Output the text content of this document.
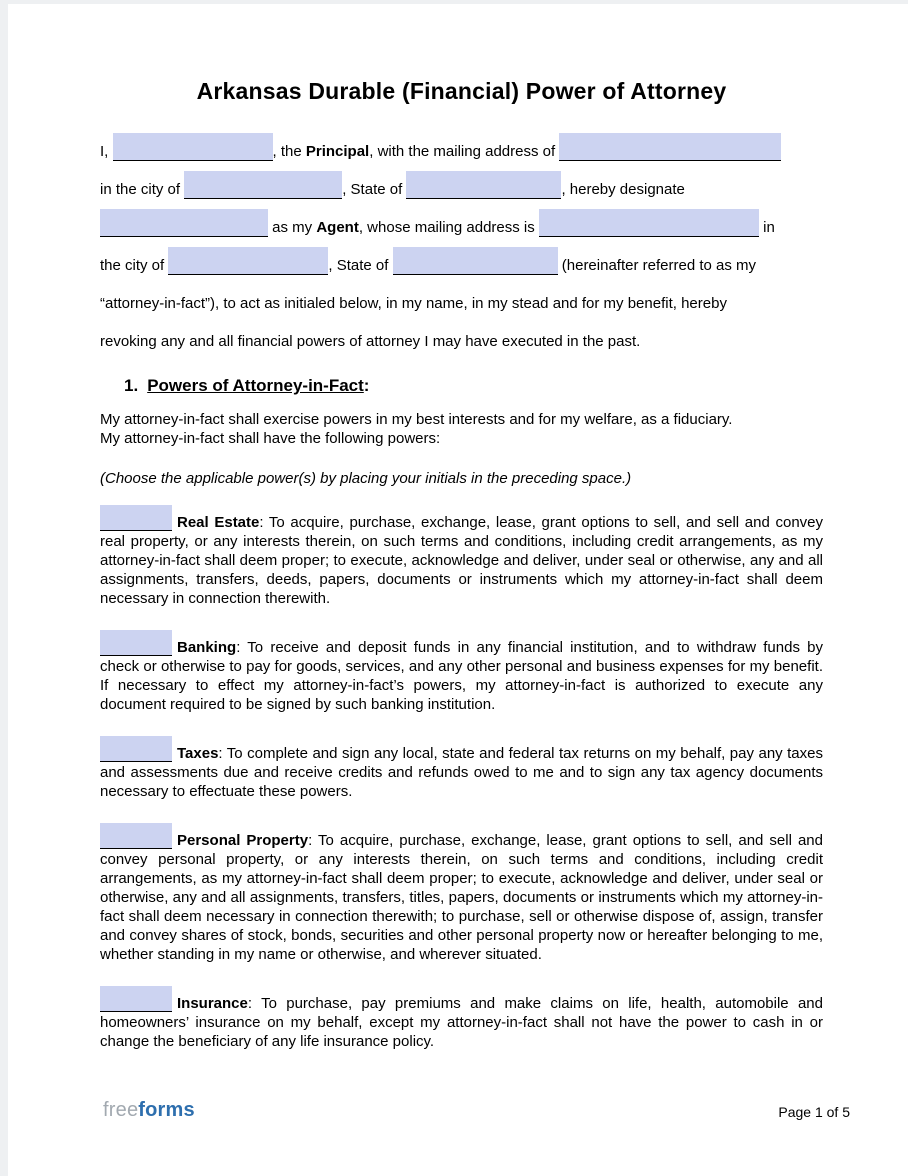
Arkansas Durable (Financial) Power of Attorney
I,	, the Principal, with the mailing address of
in the city of	, State of	, hereby designate
as my Agent, whose mailing address is	in
the city of	, State of	(hereinafter referred to as my
“attorney-in-fact”), to act as initialed below, in my name, in my stead and for my benefit, hereby
revoking any and all financial powers of attorney I may have executed in the past.
1. Powers of Attorney-in-Fact:
My attorney-in-fact shall exercise powers in my best interests and for my welfare, as a fiduciary.
My attorney-in-fact shall have the following powers:
(Choose the applicable power(s) by placing your initials in the preceding space.)

Real Estate: To acquire, purchase, exchange, lease, grant options to sell, and sell and convey real property, or any interests therein, on such terms and conditions, including credit arrangements, as my attorney-in-fact shall deem proper; to execute, acknowledge and deliver, under seal or otherwise, any and all assignments, transfers, deeds, papers, documents or instruments which my attorney-in-fact shall deem necessary in connection therewith.

Banking: To receive and deposit funds in any financial institution, and to withdraw funds by check or otherwise to pay for goods, services, and any other personal and business expenses for my benefit. If necessary to effect my attorney-in-fact’s powers, my attorney-in-fact is authorized to execute any document required to be signed by such banking institution.

Taxes: To complete and sign any local, state and federal tax returns on my behalf, pay any taxes and assessments due and receive credits and refunds owed to me and to sign any tax agency documents necessary to effectuate these powers.

Personal Property: To acquire, purchase, exchange, lease, grant options to sell, and sell and convey personal property, or any interests therein, on such terms and conditions, including credit arrangements, as my attorney-in-fact shall deem proper; to execute, acknowledge and deliver, under seal or otherwise, any and all assignments, transfers, titles, papers, documents or instruments which my attorney-in-fact shall deem necessary in connection therewith; to purchase, sell or otherwise dispose of, assign, transfer and convey shares of stock, bonds, securities and other personal property now or hereafter belonging to me, whether standing in my name or otherwise, and wherever situated.

Insurance: To purchase, pay premiums and make claims on life, health, automobile and homeowners’ insurance on my behalf, except my attorney-in-fact shall not have the power to cash in or change the beneficiary of any life insurance policy.

freeforms	Page 1 of 5
